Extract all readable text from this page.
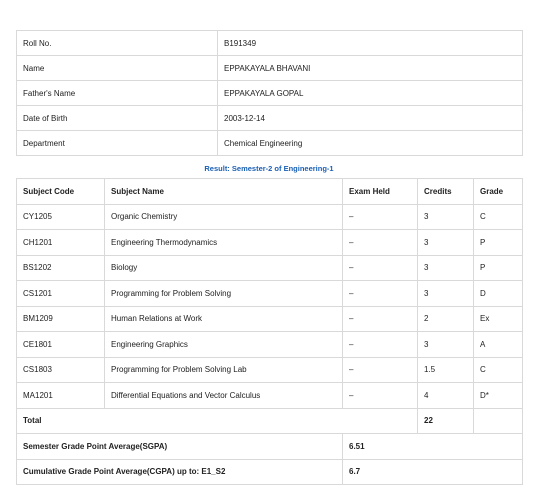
Roll No.	B191349
Name	EPPAKAYALA BHAVANI
Father's Name	EPPAKAYALA GOPAL
Date of Birth	2003-12-14
Department	Chemical Engineering
Result: Semester-2 of Engineering-1
Subject Code	Subject Name	Exam Held	Credits	Grade
CY1205	Organic Chemistry	–	3	C
CH1201	Engineering Thermodynamics	–	3	P
BS1202	Biology	–	3	P
CS1201	Programming for Problem Solving	–	3	D
BM1209	Human Relations at Work	–	2	Ex
CE1801	Engineering Graphics	–	3	A
CS1803	Programming for Problem Solving Lab	–	1.5	C
MA1201	Differential Equations and Vector Calculus	–	4	D*
Total			22	
Semester Grade Point Average(SGPA)		6.51		
Cumulative Grade Point Average(CGPA) up to: E1_S2		6.7		
